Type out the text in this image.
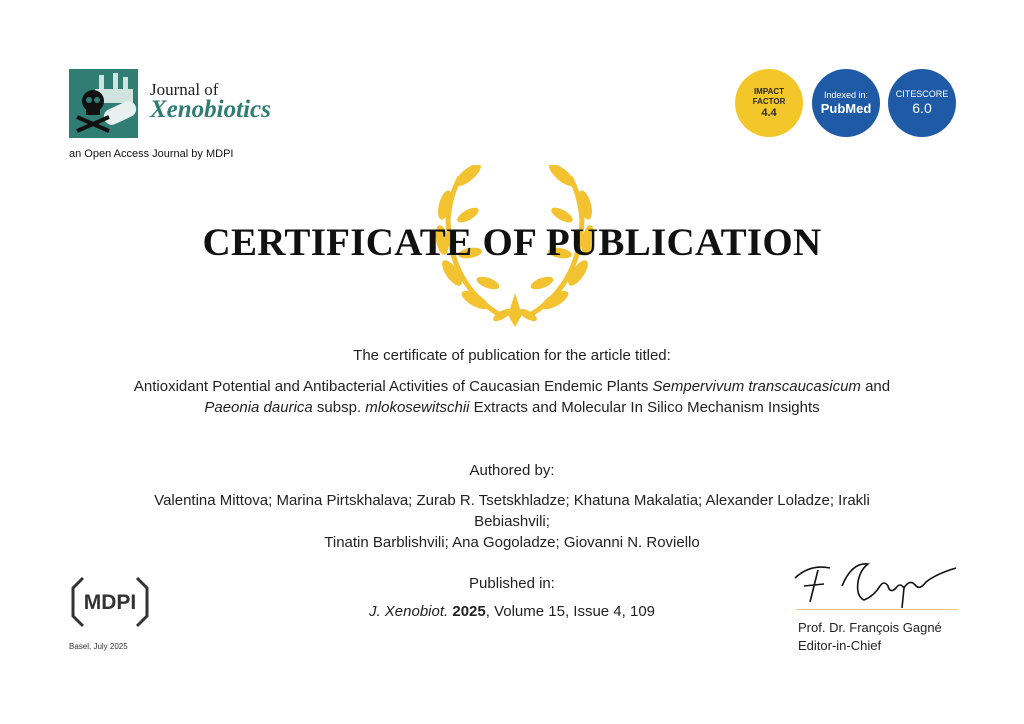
Journal of
Xenobiotics
an Open Access Journal by MDPI
IMPACT
FACTOR
4.4
Indexed in:
PubMed
CITESCORE
6.0
CERTIFICATE OF PUBLICATION
The certificate of publication for the article titled:
Antioxidant Potential and Antibacterial Activities of Caucasian Endemic Plants Sempervivum transcaucasicum and Paeonia daurica subsp. mlokosewitschii Extracts and Molecular In Silico Mechanism Insights
Authored by:
Valentina Mittova; Marina Pirtskhalava; Zurab R. Tsetskhladze; Khatuna Makalatia; Alexander Loladze; Irakli Bebiashvili;
Tinatin Barblishvili; Ana Gogoladze; Giovanni N. Roviello
Published in:
J. Xenobiot. 2025, Volume 15, Issue 4, 109
MDPI
Basel, July 2025
Prof. Dr. François Gagné
Editor-in-Chief
